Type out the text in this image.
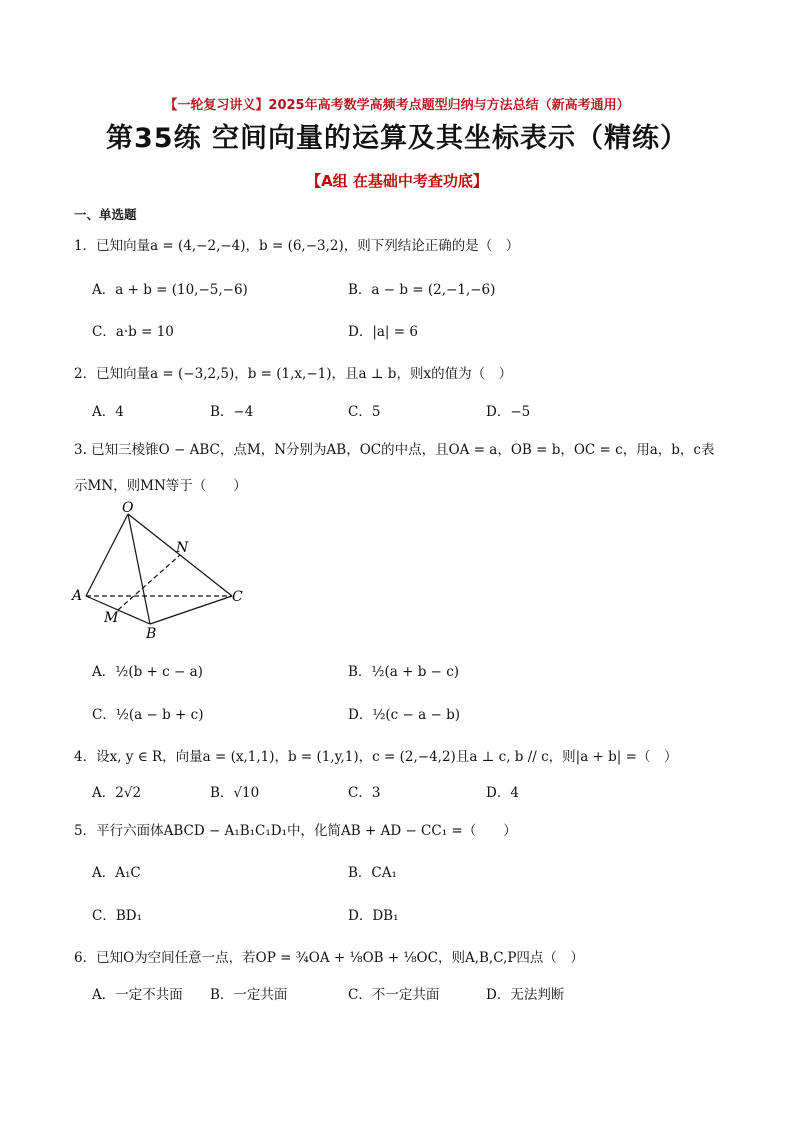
【一轮复习讲义】2025年高考数学高频考点题型归纳与方法总结（新高考通用）
第35练 空间向量的运算及其坐标表示（精练）
【A组 在基础中考查功底】
一、单选题
1．已知向量a = (4,−2,−4)，b = (6,−3,2)，则下列结论正确的是（　）
A．a + b = (10,−5,−6)	B．a − b = (2,−1,−6)
C．a·b = 10	D．|a| = 6
2．已知向量a = (−3,2,5)，b = (1,x,−1)，且a ⊥ b，则x的值为（　）
A．4	B．−4	C．5	D．−5
3. 已知三棱锥O − ABC，点M，N分别为AB，OC的中点，且OA = a，OB = b，OC = c，用a，b，c表
示MN，则MN等于（　　）
O
N
A	C
M
B
A．½(b + c − a)	B．½(a + b − c)
C．½(a − b + c)	D．½(c − a − b)
4．设x, y ∈ R，向量a = (x,1,1)，b = (1,y,1)，c = (2,−4,2)且a ⊥ c, b // c，则|a + b| =（　）
A．2√2	B．√10	C．3	D．4
5．平行六面体ABCD − A₁B₁C₁D₁中，化简AB + AD − CC₁ =（　　）
A．A₁C	B．CA₁
C．BD₁	D．DB₁
6．已知O为空间任意一点，若OP = ¾OA + ⅛OB + ⅛OC，则A,B,C,P四点（　）
A．一定不共面 B．一定共面	C．不一定共面	D．无法判断
